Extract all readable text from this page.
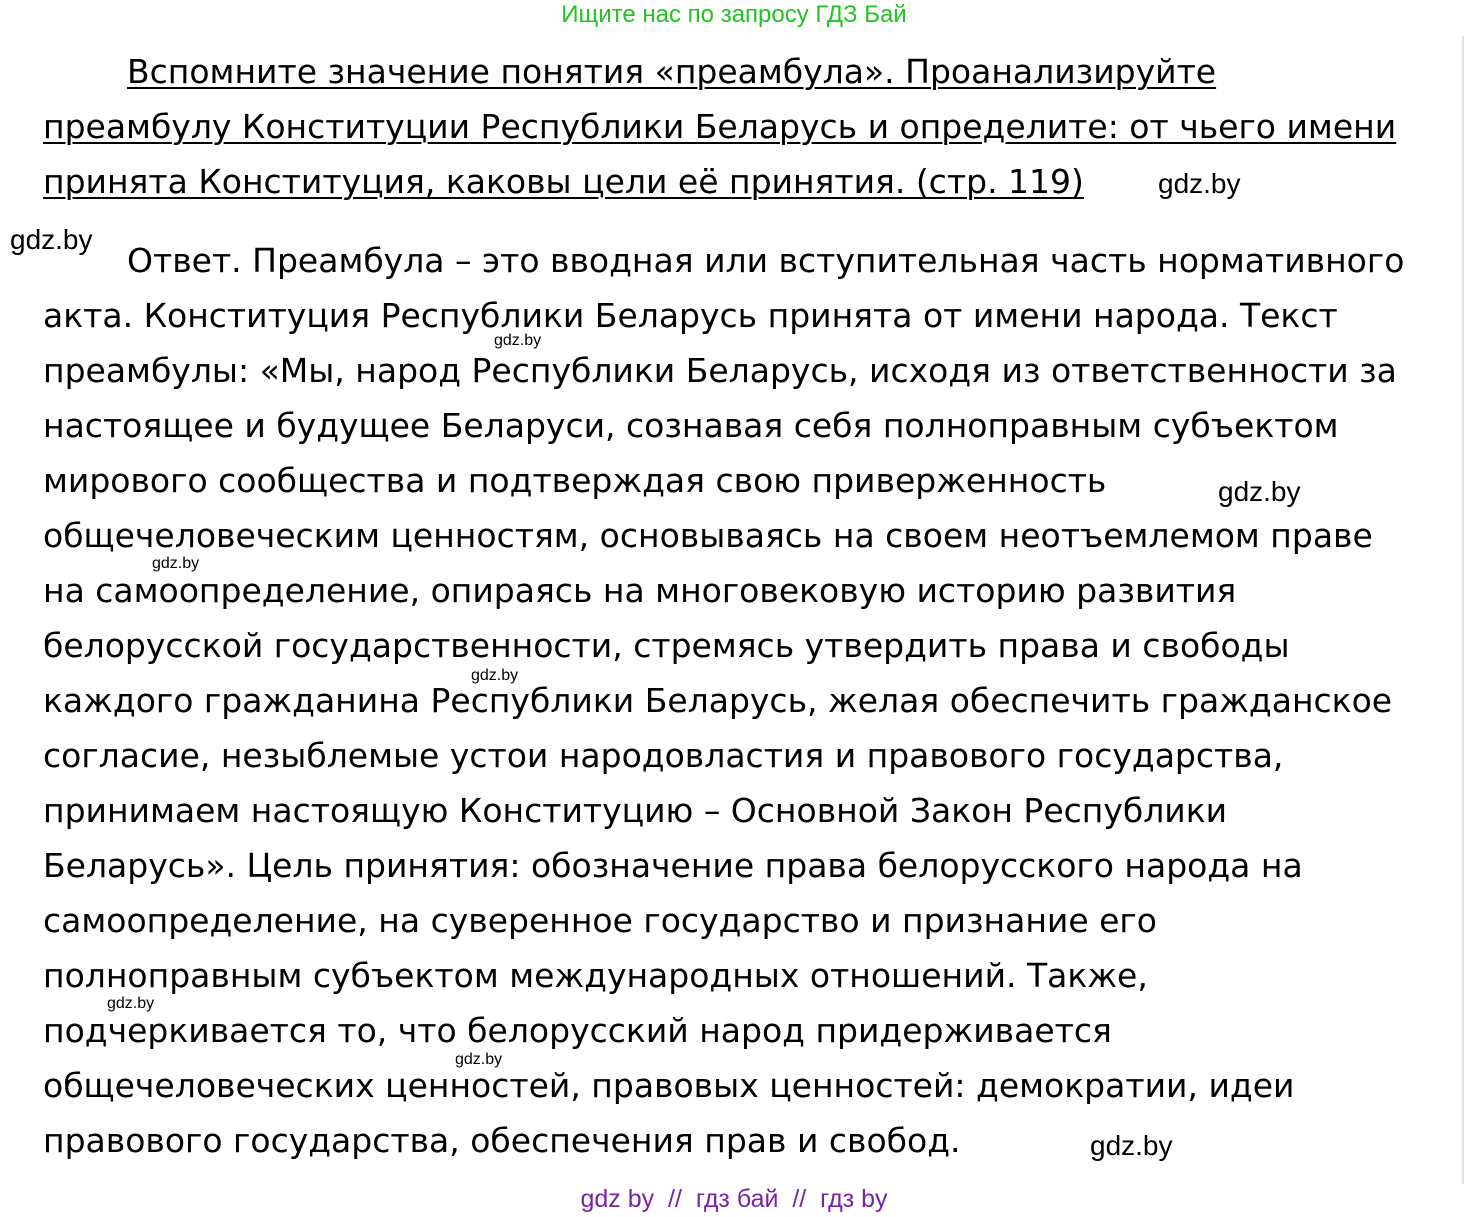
Ищите нас по запросу ГДЗ Бай

Вспомните значение понятия «преамбула». Проанализируйте
преамбулу Конституции Республики Беларусь и определите: от чьего имени
принята Конституция, каковы цели её принятия. (стр. 119)

Ответ. Преамбула – это вводная или вступительная часть нормативного
акта. Конституция Республики Беларусь принята от имени народа. Текст
преамбулы: «Мы, народ Республики Беларусь, исходя из ответственности за
настоящее и будущее Беларуси, сознавая себя полноправным субъектом
мирового сообщества и подтверждая свою приверженность
общечеловеческим ценностям, основываясь на своем неотъемлемом праве
на самоопределение, опираясь на многовековую историю развития
белорусской государственности, стремясь утвердить права и свободы
каждого гражданина Республики Беларусь, желая обеспечить гражданское
согласие, незыблемые устои народовластия и правового государства,
принимаем настоящую Конституцию – Основной Закон Республики
Беларусь». Цель принятия: обозначение права белорусского народа на
самоопределение, на суверенное государство и признание его
полноправным субъектом международных отношений. Также,
подчеркивается то, что белорусский народ придерживается
общечеловеческих ценностей, правовых ценностей: демократии, идеи
правового государства, обеспечения прав и свобод.

gdz.by
gdz.by
gdz.by
gdz.by
gdz.by
gdz.by
gdz.by
gdz.by
gdz.by
gdz by  //  гдз бай  //  гдз by
